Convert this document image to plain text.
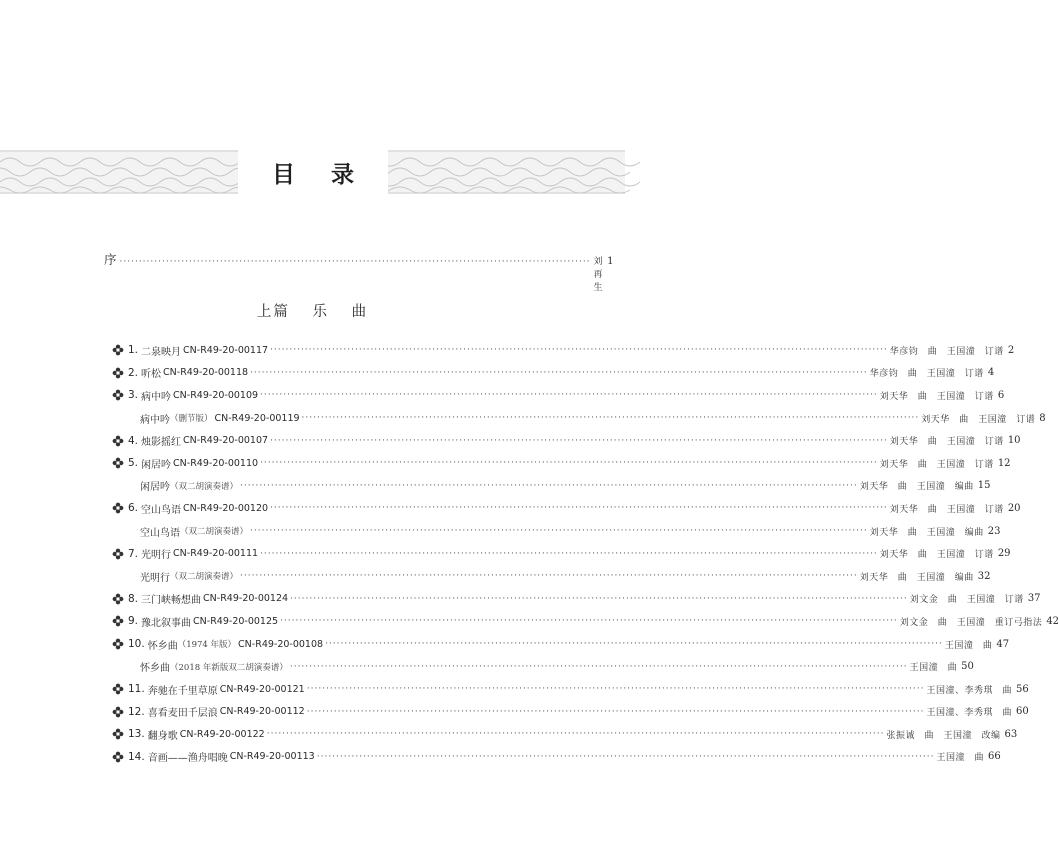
目 录
序 ·························································································································· 刘再生
1
上篇 乐 曲
1. 二泉映月 CN-R49-20-00117 ································································································································································ 华彦钧　曲　王国潼　订谱 2
2. 听松 CN-R49-20-00118 ································································································································································ 华彦钧　曲　王国潼　订谱 4
3. 病中吟 CN-R49-20-00109 ································································································································································ 刘天华　曲　王国潼　订谱 6
病中吟 （删节版） CN-R49-20-00119 ································································································································································ 刘天华　曲　王国潼　订谱 8
4. 烛影摇红 CN-R49-20-00107 ································································································································································ 刘天华　曲　王国潼　订谱 10
5. 闲居吟 CN-R49-20-00110 ································································································································································ 刘天华　曲　王国潼　订谱 12
闲居吟 （双二胡演奏谱） ································································································································································ 刘天华　曲　王国潼　编曲 15
6. 空山鸟语 CN-R49-20-00120 ································································································································································ 刘天华　曲　王国潼　订谱 20
空山鸟语 （双二胡演奏谱） ································································································································································ 刘天华　曲　王国潼　编曲 23
7. 光明行 CN-R49-20-00111 ································································································································································ 刘天华　曲　王国潼　订谱 29
光明行 （双二胡演奏谱） ································································································································································ 刘天华　曲　王国潼　编曲 32
8. 三门峡畅想曲 CN-R49-20-00124 ································································································································································ 刘文金　曲　王国潼　订谱 37
9. 豫北叙事曲 CN-R49-20-00125 ································································································································································ 刘文金　曲　王国潼　重订弓指法 42
10. 怀乡曲 （1974 年版） CN-R49-20-00108 ································································································································································ 王国潼　曲 47
怀乡曲 （2018 年新版双二胡演奏谱） ································································································································································ 王国潼　曲 50
11. 奔驰在千里草原 CN-R49-20-00121 ································································································································································ 王国潼、李秀琪　曲 56
12. 喜看麦田千层浪 CN-R49-20-00112 ································································································································································ 王国潼、李秀琪　曲 60
13. 翻身歌 CN-R49-20-00122 ································································································································································ 张振诚　曲　王国潼　改编 63
14. 音画——渔舟唱晚 CN-R49-20-00113 ································································································································································ 王国潼　曲 66
